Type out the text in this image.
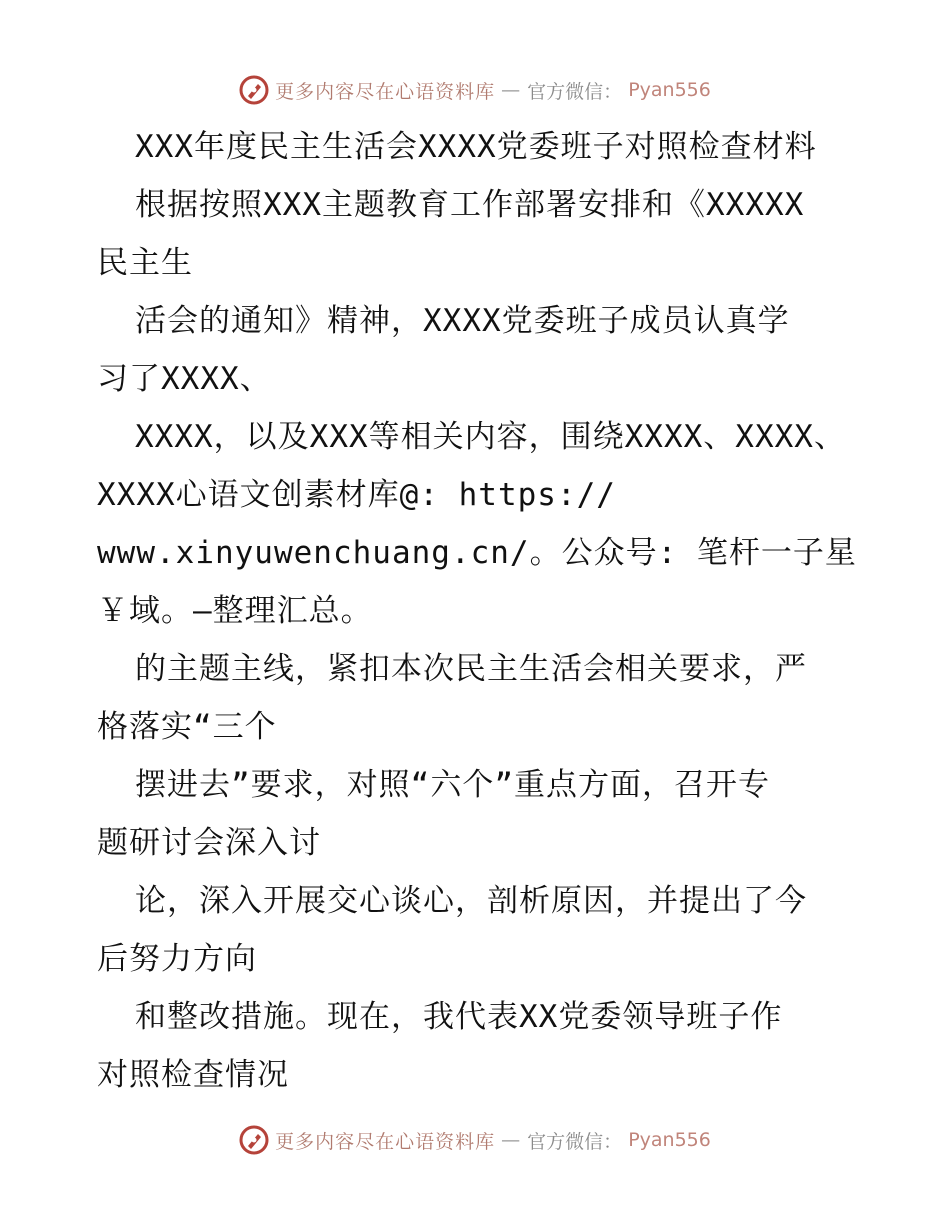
更多内容尽在心语资料库 — 官方微信： Pyan556
XXX年度民主生活会XXXX党委班子对照检查材料
根据按照XXX主题教育工作部署安排和《XXXXX
民主生
活会的通知》精神，XXXX党委班子成员认真学
习了XXXX、
XXXX，以及XXX等相关内容，围绕XXXX、XXXX、
XXXX心语文创素材库@: https://
www.xinyuwenchuang.cn/。公众号: 笔杆一子星
￥域。—整理汇总。
的主题主线，紧扣本次民主生活会相关要求，严
格落实“三个
摆进去”要求，对照“六个”重点方面，召开专
题研讨会深入讨
论，深入开展交心谈心，剖析原因，并提出了今
后努力方向
和整改措施。现在，我代表XX党委领导班子作
对照检查情况
更多内容尽在心语资料库 — 官方微信： Pyan556
